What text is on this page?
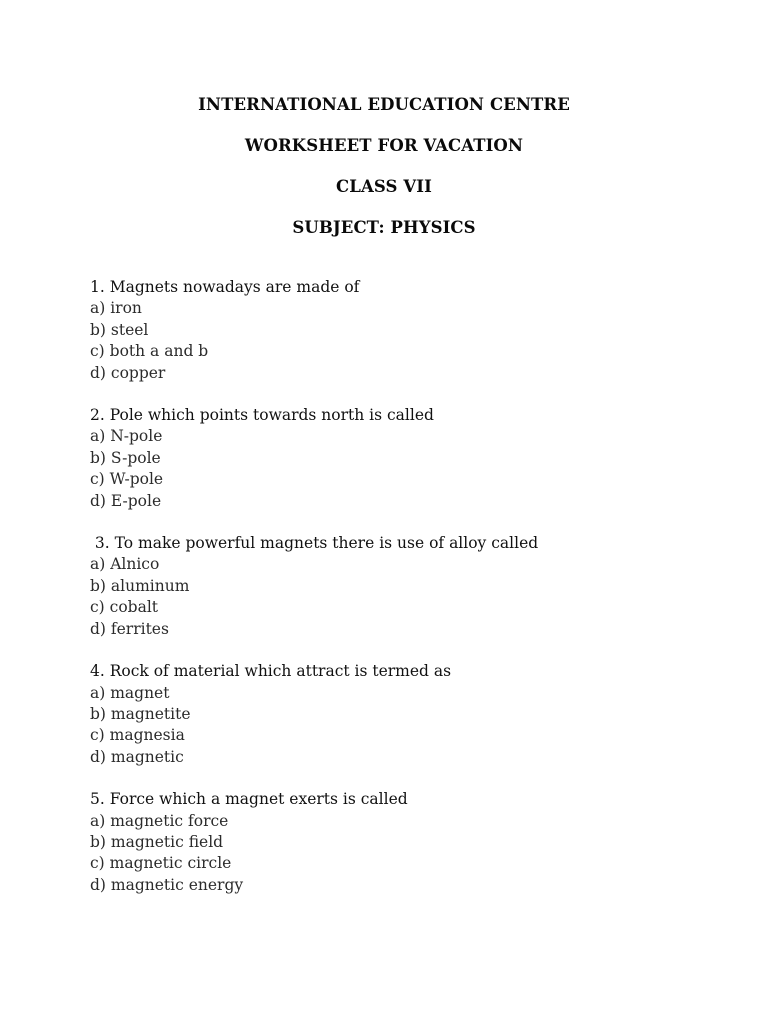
INTERNATIONAL EDUCATION CENTRE
WORKSHEET FOR VACATION
CLASS VII
SUBJECT: PHYSICS
1. Magnets nowadays are made of
a) iron
b) steel
c) both a and b
d) copper
2. Pole which points towards north is called
a) N-pole
b) S-pole
c) W-pole
d) E-pole
3. To make powerful magnets there is use of alloy called
a) Alnico
b) aluminum
c) cobalt
d) ferrites
4. Rock of material which attract is termed as
a) magnet
b) magnetite
c) magnesia
d) magnetic
5. Force which a magnet exerts is called
a) magnetic force
b) magnetic field
c) magnetic circle
d) magnetic energy
